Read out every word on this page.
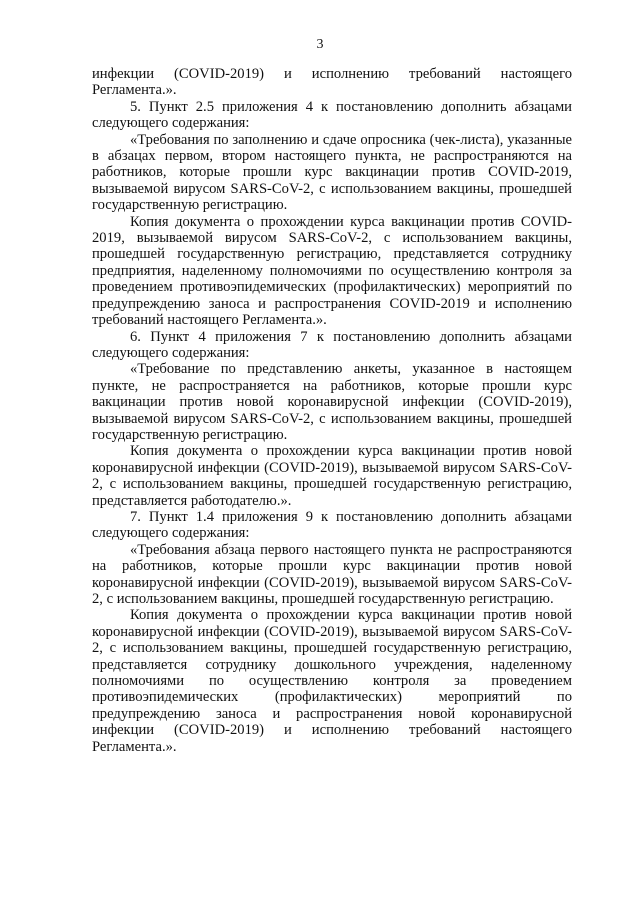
3

инфекции (COVID-2019) и исполнению требований настоящего Регламента.».

5. Пункт 2.5 приложения 4 к постановлению дополнить абзацами следующего содержания:

«Требования по заполнению и сдаче опросника (чек-листа), указанные в абзацах первом, втором настоящего пункта, не распространяются на работников, которые прошли курс вакцинации против COVID-2019, вызываемой вирусом SARS-CoV-2, с использованием вакцины, прошедшей государственную регистрацию.

Копия документа о прохождении курса вакцинации против COVID-2019, вызываемой вирусом SARS-CoV-2, с использованием вакцины, прошедшей государственную регистрацию, представляется сотруднику предприятия, наделенному полномочиями по осуществлению контроля за проведением противоэпидемических (профилактических) мероприятий по предупреждению заноса и распространения COVID-2019 и исполнению требований настоящего Регламента.».

6. Пункт 4 приложения 7 к постановлению дополнить абзацами следующего содержания:

«Требование по представлению анкеты, указанное в настоящем пункте, не распространяется на работников, которые прошли курс вакцинации против новой коронавирусной инфекции (COVID-2019), вызываемой вирусом SARS-CoV-2, с использованием вакцины, прошедшей государственную регистрацию.

Копия документа о прохождении курса вакцинации против новой коронавирусной инфекции (COVID-2019), вызываемой вирусом SARS-CoV-2, с использованием вакцины, прошедшей государственную регистрацию, представляется работодателю.».

7. Пункт 1.4 приложения 9 к постановлению дополнить абзацами следующего содержания:

«Требования абзаца первого настоящего пункта не распространяются на работников, которые прошли курс вакцинации против новой коронавирусной инфекции (COVID-2019), вызываемой вирусом SARS-CoV-2, с использованием вакцины, прошедшей государственную регистрацию.

Копия документа о прохождении курса вакцинации против новой коронавирусной инфекции (COVID-2019), вызываемой вирусом SARS-CoV-2, с использованием вакцины, прошедшей государственную регистрацию, представляется сотруднику дошкольного учреждения, наделенному полномочиями по осуществлению контроля за проведением противоэпидемических (профилактических) мероприятий по предупреждению заноса и распространения новой коронавирусной инфекции (COVID-2019) и исполнению требований настоящего Регламента.».
